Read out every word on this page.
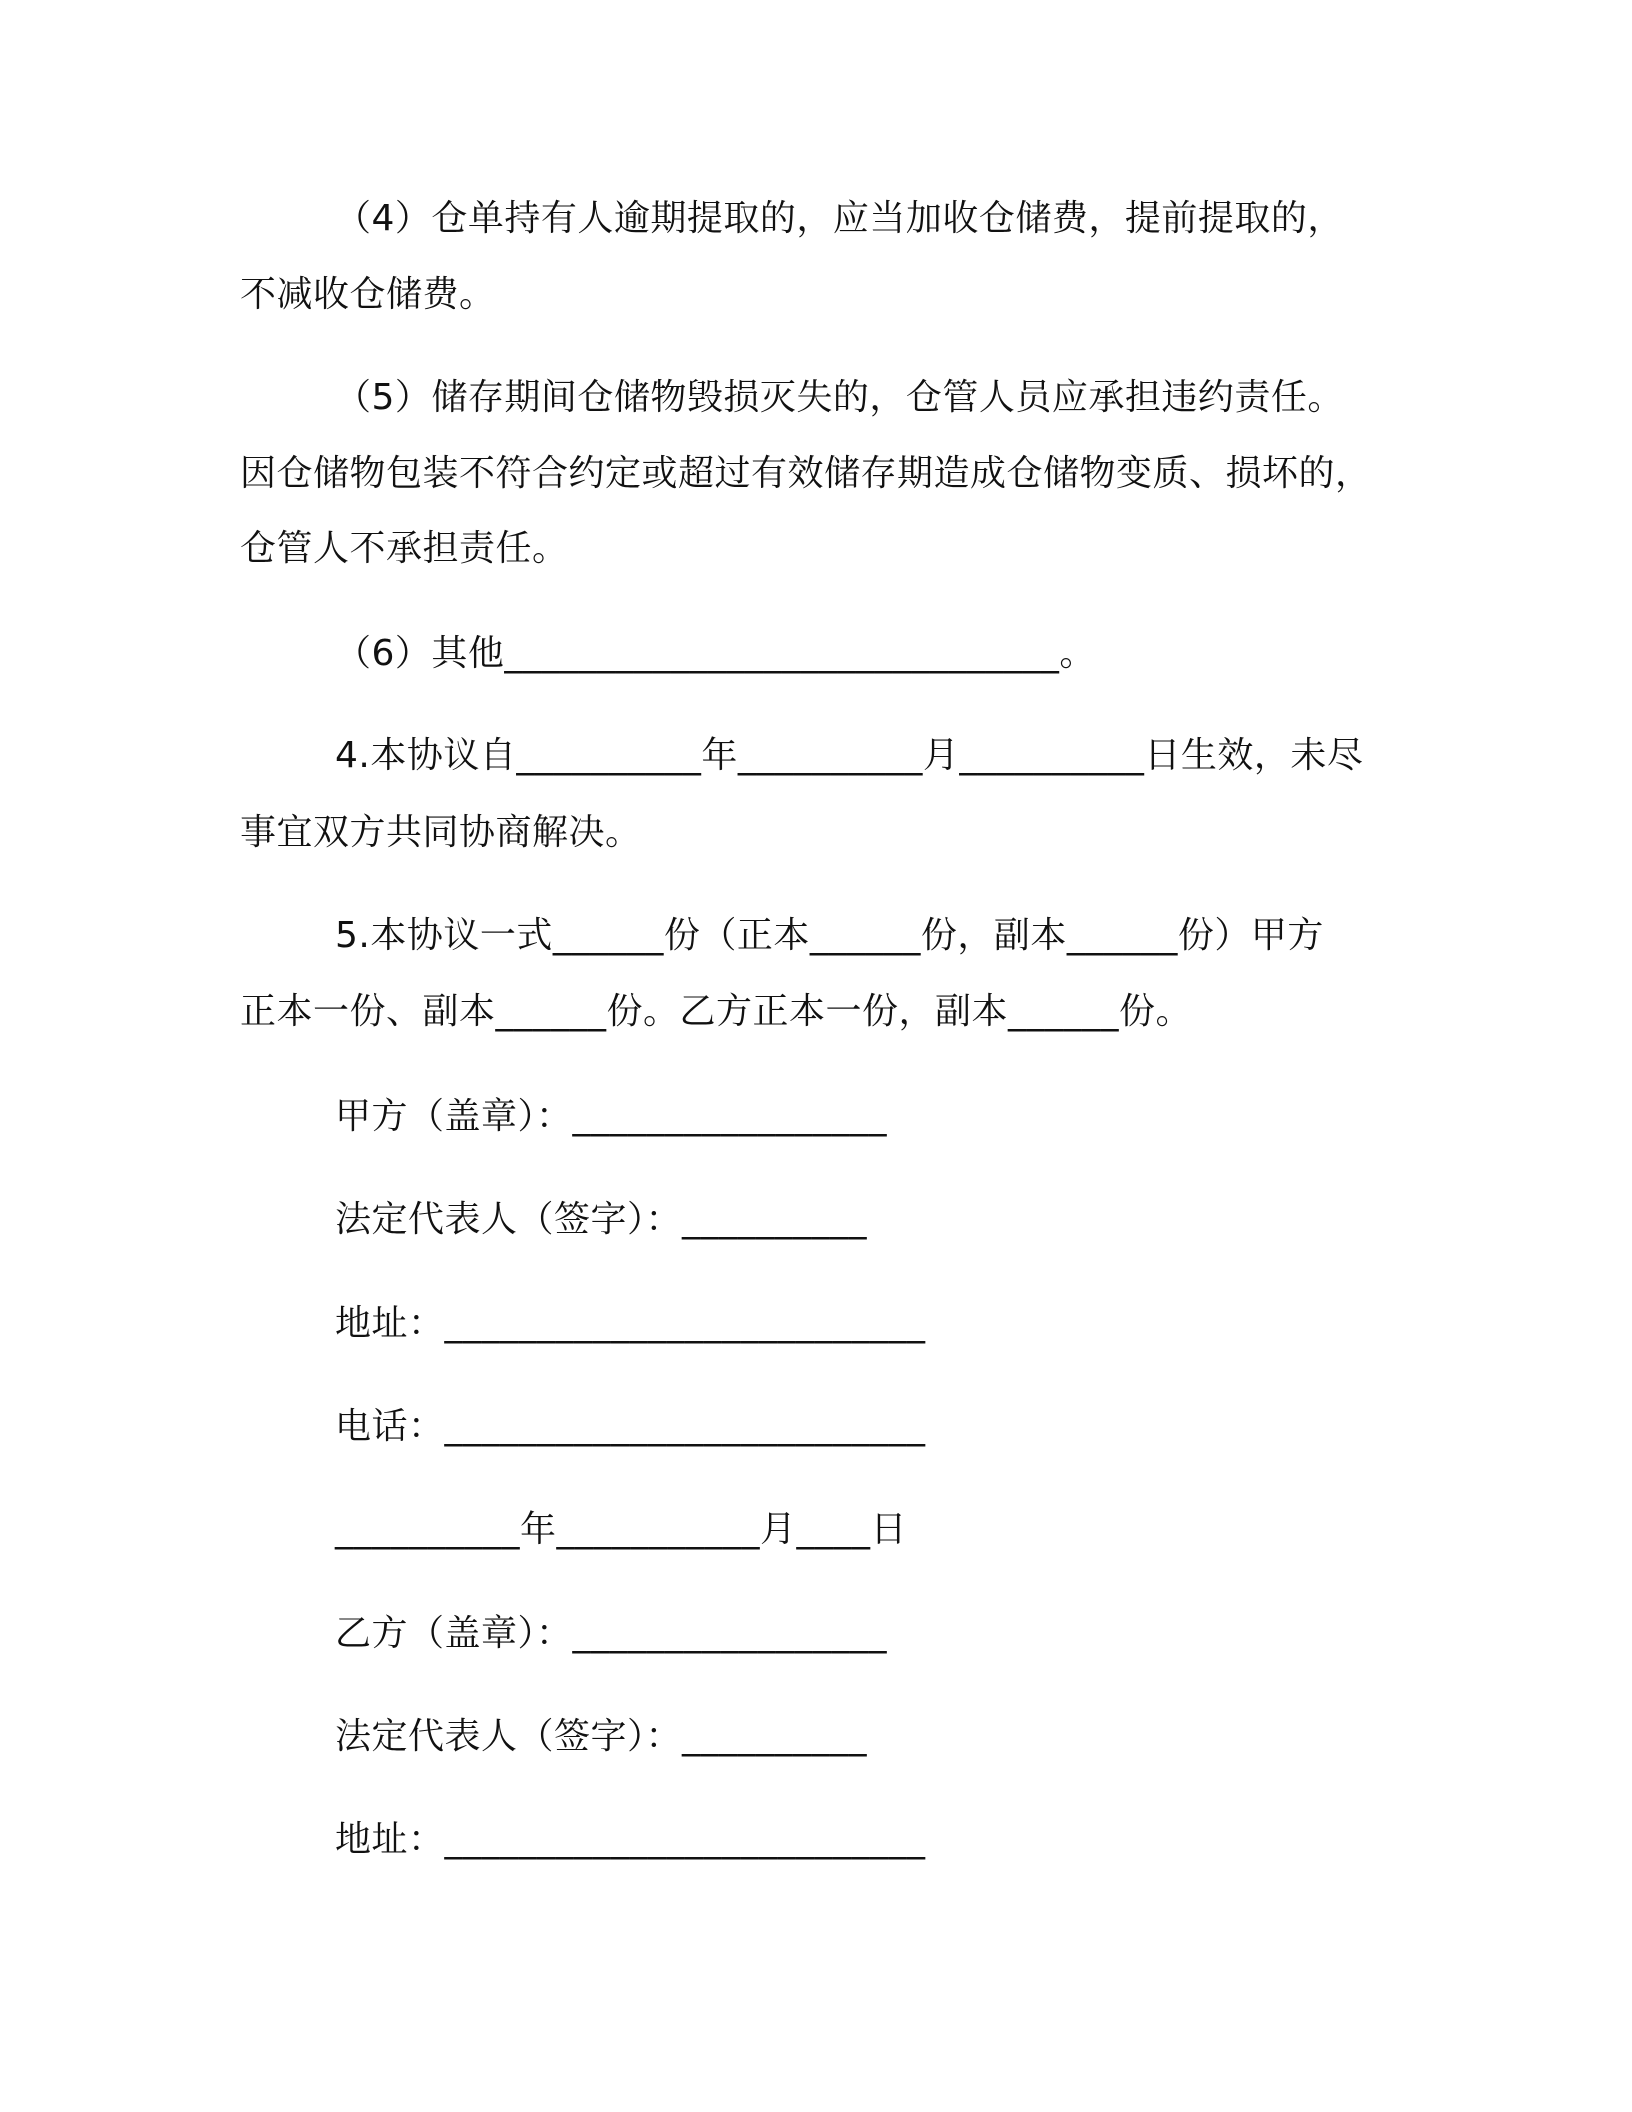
（4）仓单持有人逾期提取的，应当加收仓储费，提前提取的，
不减收仓储费。
（5）储存期间仓储物毁损灭失的，仓管人员应承担违约责任。
因仓储物包装不符合约定或超过有效储存期造成仓储物变质、损坏的，
仓管人不承担责任。
（6）其他______________________________。
4.本协议自__________年__________月__________日生效，未尽
事宜双方共同协商解决。
5.本协议一式______份（正本______份，副本______份）甲方
正本一份、副本______份。乙方正本一份，副本______份。
甲方（盖章）：_________________
法定代表人（签字）：__________
地址：__________________________
电话：__________________________
__________年___________月____日
乙方（盖章）：_________________
法定代表人（签字）：__________
地址：__________________________
